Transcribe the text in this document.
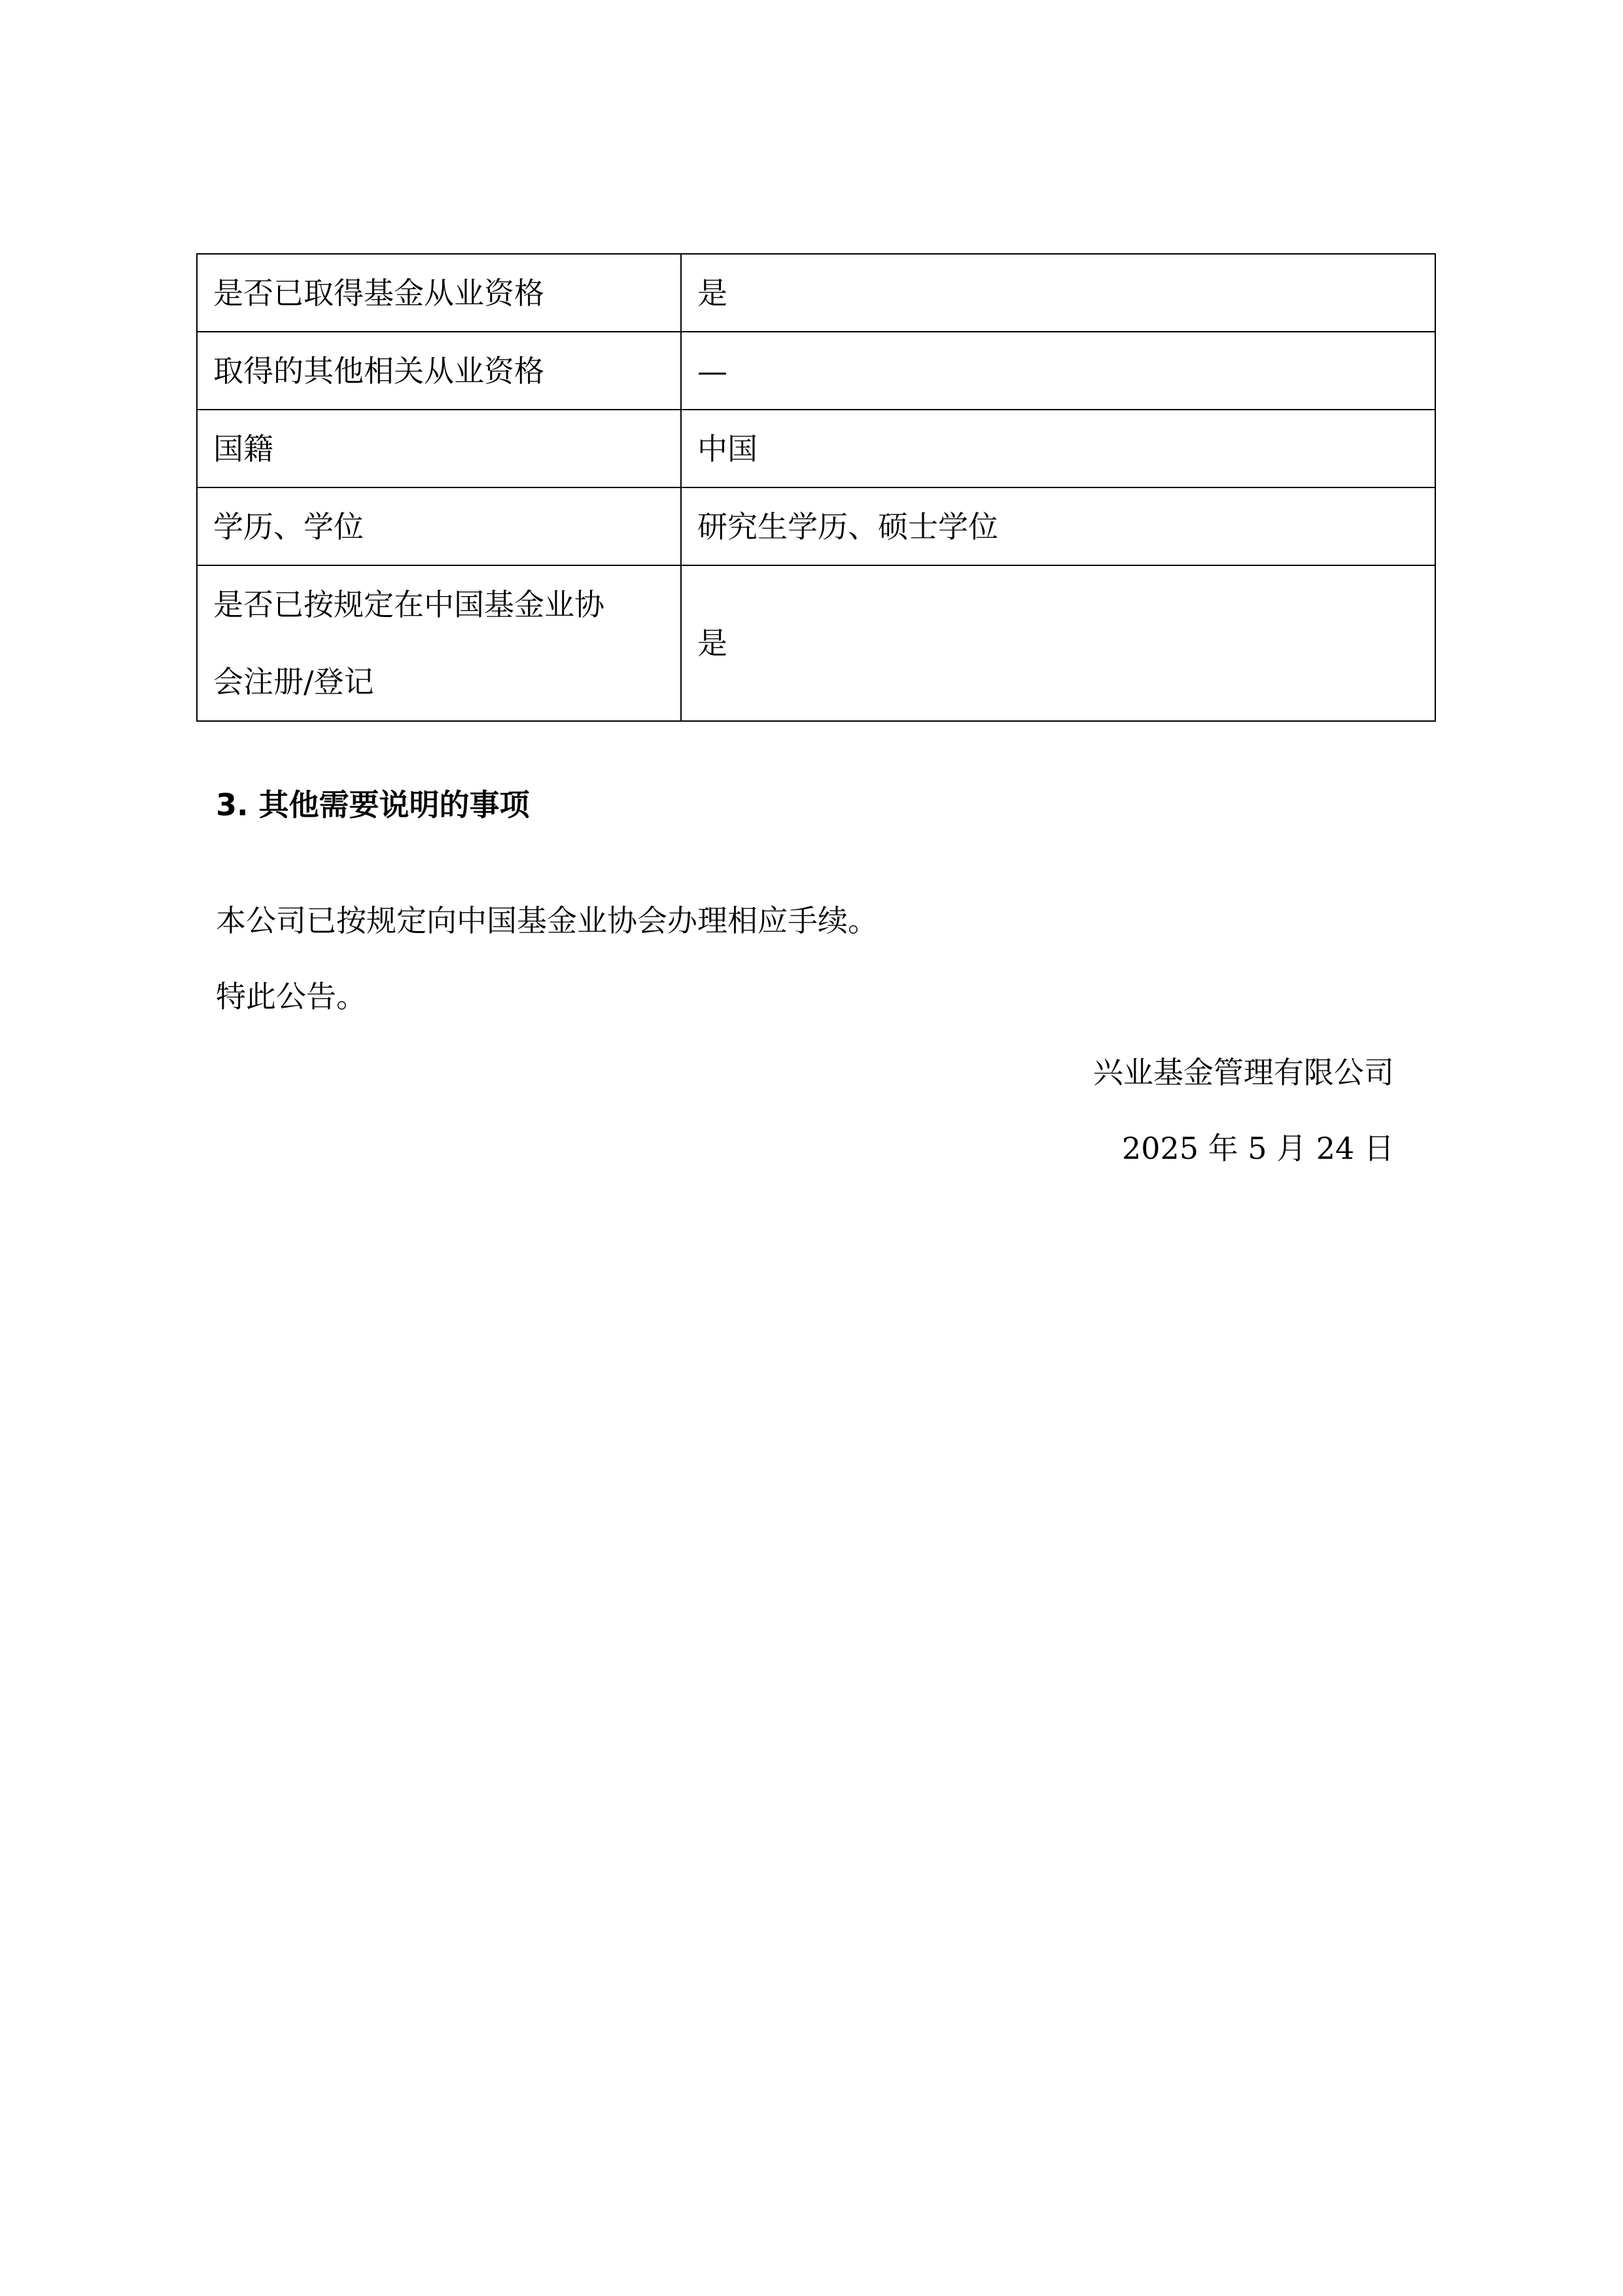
是否已取得基金从业资格	是
取得的其他相关从业资格	—
国籍	中国
学历、学位	研究生学历、硕士学位

是否已按规定在中国基金业协
会注册/登记	是

3. 其他需要说明的事项

本公司已按规定向中国基金业协会办理相应手续。

特此公告。

兴业基金管理有限公司

2025 年 5 月 24 日
